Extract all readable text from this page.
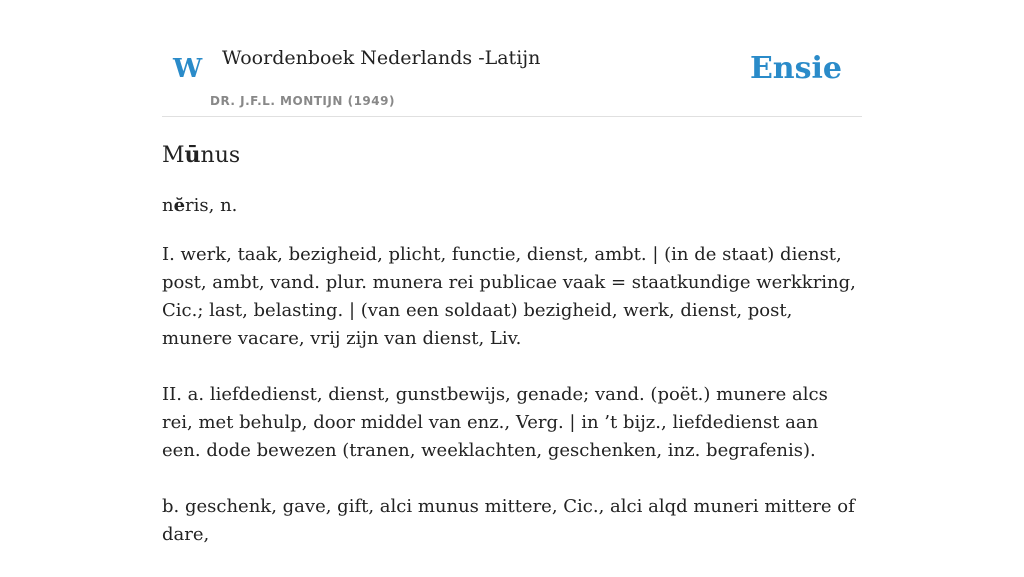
W Woordenboek Nederlands -Latijn
DR. J.F.L. MONTIJN (1949)
Ensie
Mūnus

nĕris, n.

I. werk, taak, bezigheid, plicht, functie, dienst, ambt. | (in de staat) dienst, post, ambt, vand. plur. munera rei publicae vaak = staatkundige werkkring, Cic.; last, belasting. | (van een soldaat) bezigheid, werk, dienst, post, munere vacare, vrij zijn van dienst, Liv.

II. a. liefdedienst, dienst, gunstbewijs, genade; vand. (poët.) munere alcs rei, met behulp, door middel van enz., Verg. | in ’t bijz., liefdedienst aan een. dode bewezen (tranen, weeklachten, geschenken, inz. begrafenis).

b. geschenk, gave, gift, alci munus mittere, Cic., alci alqd muneri mittere of dare,
